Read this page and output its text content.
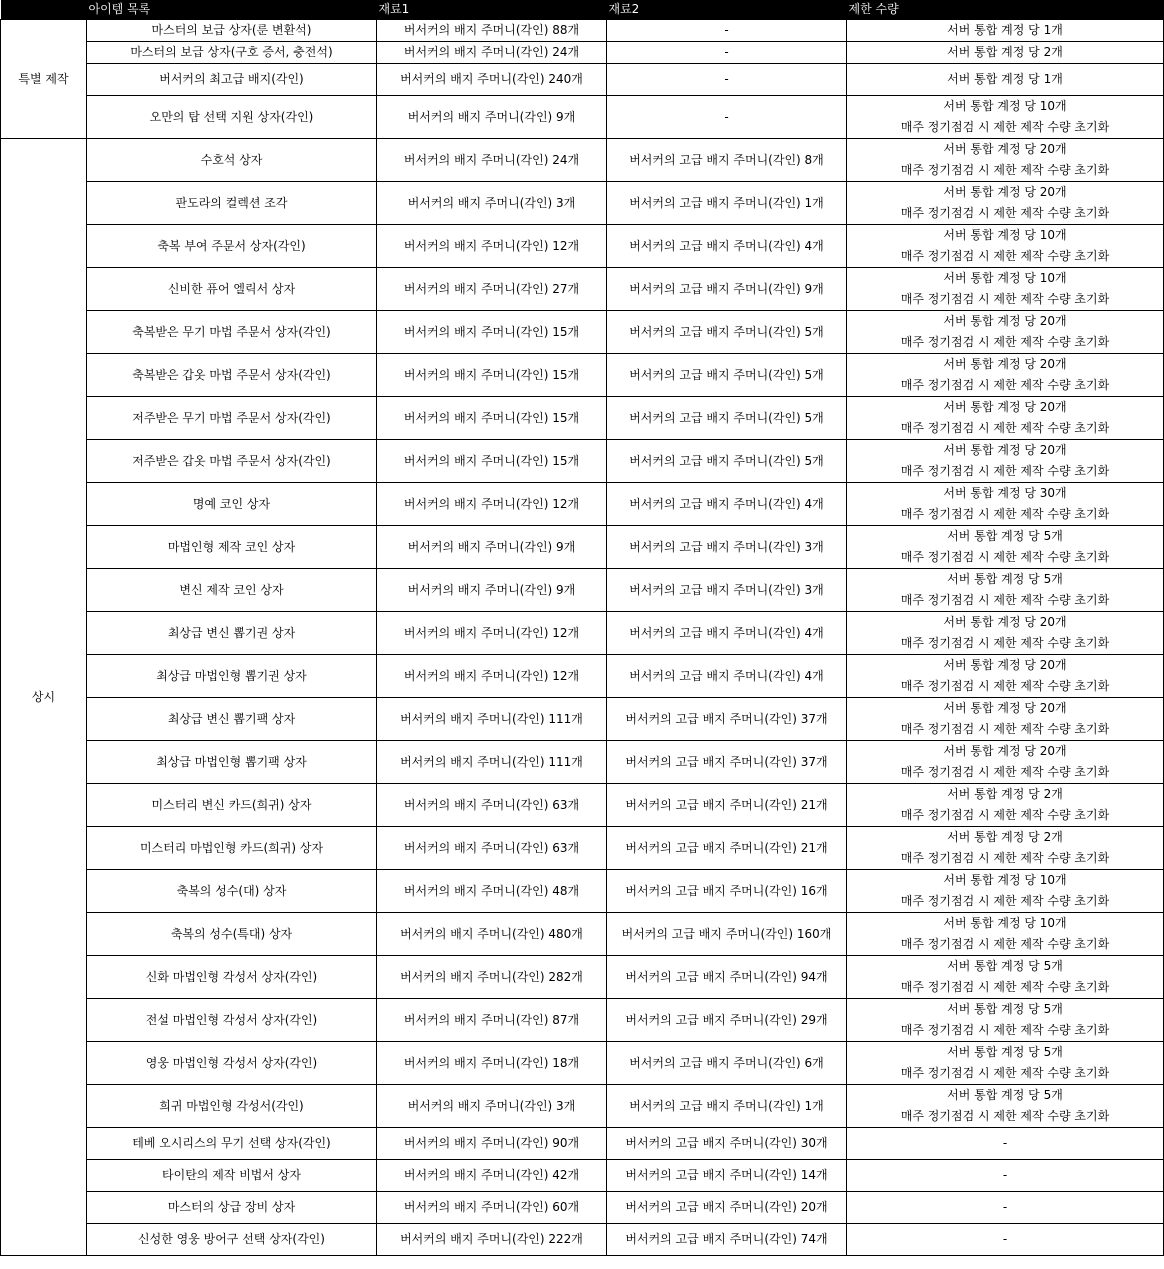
	아이템 목록	재료1	재료2	제한 수량
특별 제작	마스터의 보급 상자(룬 변환석)	버서커의 배지 주머니(각인) 88개	-	서버 통합 계정 당 1개

	마스터의 보급 상자(구호 증서, 충전석)	버서커의 배지 주머니(각인) 24개	-	서버 통합 계정 당 2개

	버서커의 최고급 배지(각인)	버서커의 배지 주머니(각인) 240개	-	서버 통합 계정 당 1개

	오만의 탑 선택 지원 상자(각인)	버서커의 배지 주머니(각인) 9개	-	서버 통합 계정 당 10개
매주 정기점검 시 제한 제작 수량 초기화

상시	수호석 상자	버서커의 배지 주머니(각인) 24개	버서커의 고급 배지 주머니(각인) 8개	서버 통합 계정 당 20개
매주 정기점검 시 제한 제작 수량 초기화

	판도라의 컬렉션 조각	버서커의 배지 주머니(각인) 3개	버서커의 고급 배지 주머니(각인) 1개	서버 통합 계정 당 20개
매주 정기점검 시 제한 제작 수량 초기화

	축복 부여 주문서 상자(각인)	버서커의 배지 주머니(각인) 12개	버서커의 고급 배지 주머니(각인) 4개	서버 통합 계정 당 10개
매주 정기점검 시 제한 제작 수량 초기화

	신비한 퓨어 엘릭서 상자	버서커의 배지 주머니(각인) 27개	버서커의 고급 배지 주머니(각인) 9개	서버 통합 계정 당 10개
매주 정기점검 시 제한 제작 수량 초기화

	축복받은 무기 마법 주문서 상자(각인)	버서커의 배지 주머니(각인) 15개	버서커의 고급 배지 주머니(각인) 5개	서버 통합 계정 당 20개
매주 정기점검 시 제한 제작 수량 초기화

	축복받은 갑옷 마법 주문서 상자(각인)	버서커의 배지 주머니(각인) 15개	버서커의 고급 배지 주머니(각인) 5개	서버 통합 계정 당 20개
매주 정기점검 시 제한 제작 수량 초기화

	저주받은 무기 마법 주문서 상자(각인)	버서커의 배지 주머니(각인) 15개	버서커의 고급 배지 주머니(각인) 5개	서버 통합 계정 당 20개
매주 정기점검 시 제한 제작 수량 초기화

	저주받은 갑옷 마법 주문서 상자(각인)	버서커의 배지 주머니(각인) 15개	버서커의 고급 배지 주머니(각인) 5개	서버 통합 계정 당 20개
매주 정기점검 시 제한 제작 수량 초기화

	명예 코인 상자	버서커의 배지 주머니(각인) 12개	버서커의 고급 배지 주머니(각인) 4개	서버 통합 계정 당 30개
매주 정기점검 시 제한 제작 수량 초기화

	마법인형 제작 코인 상자	버서커의 배지 주머니(각인) 9개	버서커의 고급 배지 주머니(각인) 3개	서버 통합 계정 당 5개
매주 정기점검 시 제한 제작 수량 초기화

	변신 제작 코인 상자	버서커의 배지 주머니(각인) 9개	버서커의 고급 배지 주머니(각인) 3개	서버 통합 계정 당 5개
매주 정기점검 시 제한 제작 수량 초기화

	최상급 변신 뽑기권 상자	버서커의 배지 주머니(각인) 12개	버서커의 고급 배지 주머니(각인) 4개	서버 통합 계정 당 20개
매주 정기점검 시 제한 제작 수량 초기화

	최상급 마법인형 뽑기권 상자	버서커의 배지 주머니(각인) 12개	버서커의 고급 배지 주머니(각인) 4개	서버 통합 계정 당 20개
매주 정기점검 시 제한 제작 수량 초기화

	최상급 변신 뽑기팩 상자	버서커의 배지 주머니(각인) 111개	버서커의 고급 배지 주머니(각인) 37개	서버 통합 계정 당 20개
매주 정기점검 시 제한 제작 수량 초기화

	최상급 마법인형 뽑기팩 상자	버서커의 배지 주머니(각인) 111개	버서커의 고급 배지 주머니(각인) 37개	서버 통합 계정 당 20개
매주 정기점검 시 제한 제작 수량 초기화

	미스터리 변신 카드(희귀) 상자	버서커의 배지 주머니(각인) 63개	버서커의 고급 배지 주머니(각인) 21개	서버 통합 계정 당 2개
매주 정기점검 시 제한 제작 수량 초기화

	미스터리 마법인형 카드(희귀) 상자	버서커의 배지 주머니(각인) 63개	버서커의 고급 배지 주머니(각인) 21개	서버 통합 계정 당 2개
매주 정기점검 시 제한 제작 수량 초기화

	축복의 성수(대) 상자	버서커의 배지 주머니(각인) 48개	버서커의 고급 배지 주머니(각인) 16개	서버 통합 계정 당 10개
매주 정기점검 시 제한 제작 수량 초기화

	축복의 성수(특대) 상자	버서커의 배지 주머니(각인) 480개	버서커의 고급 배지 주머니(각인) 160개	서버 통합 계정 당 10개
매주 정기점검 시 제한 제작 수량 초기화

	신화 마법인형 각성서 상자(각인)	버서커의 배지 주머니(각인) 282개	버서커의 고급 배지 주머니(각인) 94개	서버 통합 계정 당 5개
매주 정기점검 시 제한 제작 수량 초기화

	전설 마법인형 각성서 상자(각인)	버서커의 배지 주머니(각인) 87개	버서커의 고급 배지 주머니(각인) 29개	서버 통합 계정 당 5개
매주 정기점검 시 제한 제작 수량 초기화

	영웅 마법인형 각성서 상자(각인)	버서커의 배지 주머니(각인) 18개	버서커의 고급 배지 주머니(각인) 6개	서버 통합 계정 당 5개
매주 정기점검 시 제한 제작 수량 초기화

	희귀 마법인형 각성서(각인)	버서커의 배지 주머니(각인) 3개	버서커의 고급 배지 주머니(각인) 1개	서버 통합 계정 당 5개
매주 정기점검 시 제한 제작 수량 초기화

	테베 오시리스의 무기 선택 상자(각인)	버서커의 배지 주머니(각인) 90개	버서커의 고급 배지 주머니(각인) 30개	-

	타이탄의 제작 비법서 상자	버서커의 배지 주머니(각인) 42개	버서커의 고급 배지 주머니(각인) 14개	-

	마스터의 상급 장비 상자	버서커의 배지 주머니(각인) 60개	버서커의 고급 배지 주머니(각인) 20개	-

	신성한 영웅 방어구 선택 상자(각인)	버서커의 배지 주머니(각인) 222개	버서커의 고급 배지 주머니(각인) 74개	-
